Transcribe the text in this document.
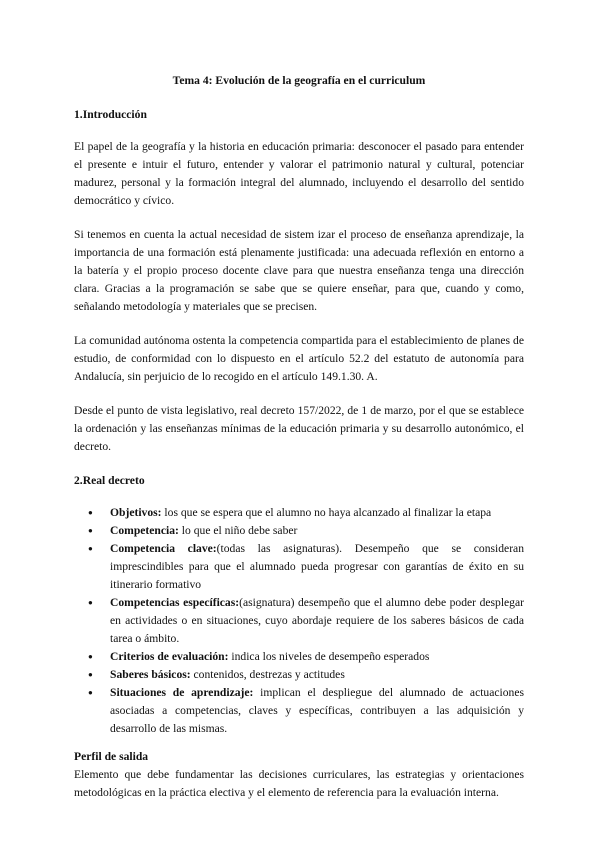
Tema 4: Evolución de la geografía en el curriculum
1.Introducción

El papel de la geografía y la historia en educación primaria: desconocer el pasado para entender el presente e intuir el futuro, entender y valorar el patrimonio natural y cultural, potenciar madurez, personal y la formación integral del alumnado, incluyendo el desarrollo del sentido democrático y cívico.

Si tenemos en cuenta la actual necesidad de sistem izar el proceso de enseñanza aprendizaje, la importancia de una formación está plenamente justificada: una adecuada reflexión en entorno a la batería y el propio proceso docente clave para que nuestra enseñanza tenga una dirección clara. Gracias a la programación se sabe que se quiere enseñar, para que, cuando y como, señalando metodología y materiales que se precisen.

La comunidad autónoma ostenta la competencia compartida para el establecimiento de planes de estudio, de conformidad con lo dispuesto en el artículo 52.2 del estatuto de autonomía para Andalucía, sin perjuicio de lo recogido en el artículo 149.1.30. A.

Desde el punto de vista legislativo, real decreto 157/2022, de 1 de marzo, por el que se establece la ordenación y las enseñanzas mínimas de la educación primaria y su desarrollo autonómico, el decreto.

2.Real decreto
● Objetivos: los que se espera que el alumno no haya alcanzado al finalizar la etapa
● Competencia: lo que el niño debe saber
● Competencia clave:(todas las asignaturas). Desempeño que se consideran imprescindibles para que el alumnado pueda progresar con garantías de éxito en su itinerario formativo
● Competencias específicas:(asignatura) desempeño que el alumno debe poder desplegar en actividades o en situaciones, cuyo abordaje requiere de los saberes básicos de cada tarea o ámbito.
● Criterios de evaluación: indica los niveles de desempeño esperados
● Saberes básicos: contenidos, destrezas y actitudes
● Situaciones de aprendizaje: implican el despliegue del alumnado de actuaciones asociadas a competencias, claves y específicas, contribuyen a las adquisición y desarrollo de las mismas.
Perfil de salida

Elemento que debe fundamentar las decisiones curriculares, las estrategias y orientaciones metodológicas en la práctica electiva y el elemento de referencia para la evaluación interna.
